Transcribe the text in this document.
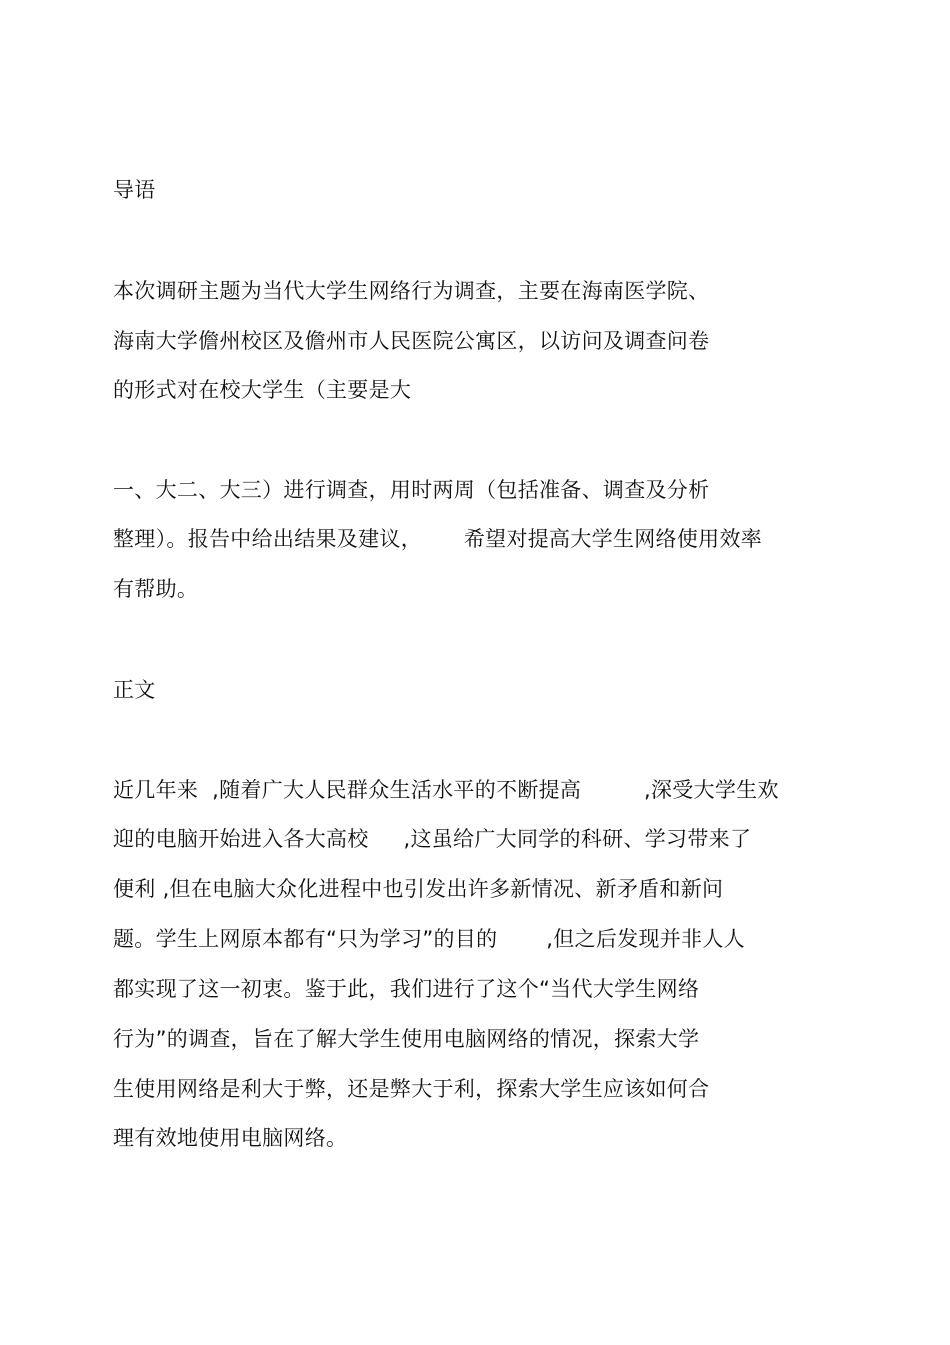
导语
本次调研主题为当代大学生网络行为调查，主要在海南医学院、
海南大学儋州校区及儋州市人民医院公寓区，以访问及调查问卷
的形式对在校大学生（主要是大
一、大二、大三）进行调查，用时两周（包括准备、调查及分析
整理）。报告中给出结果及建议，      希望对提高大学生网络使用效率
有帮助。
正文
近几年来  ,随着广大人民群众生活水平的不断提高         ,深受大学生欢
迎的电脑开始进入各大高校     ,这虽给广大同学的科研、学习带来了
便利 ,但在电脑大众化进程中也引发出许多新情况、新矛盾和新问
题。学生上网原本都有“只为学习”的目的       ,但之后发现并非人人
都实现了这一初衷。鉴于此，我们进行了这个“当代大学生网络
行为”的调查，旨在了解大学生使用电脑网络的情况，探索大学
生使用网络是利大于弊，还是弊大于利，探索大学生应该如何合
理有效地使用电脑网络。
